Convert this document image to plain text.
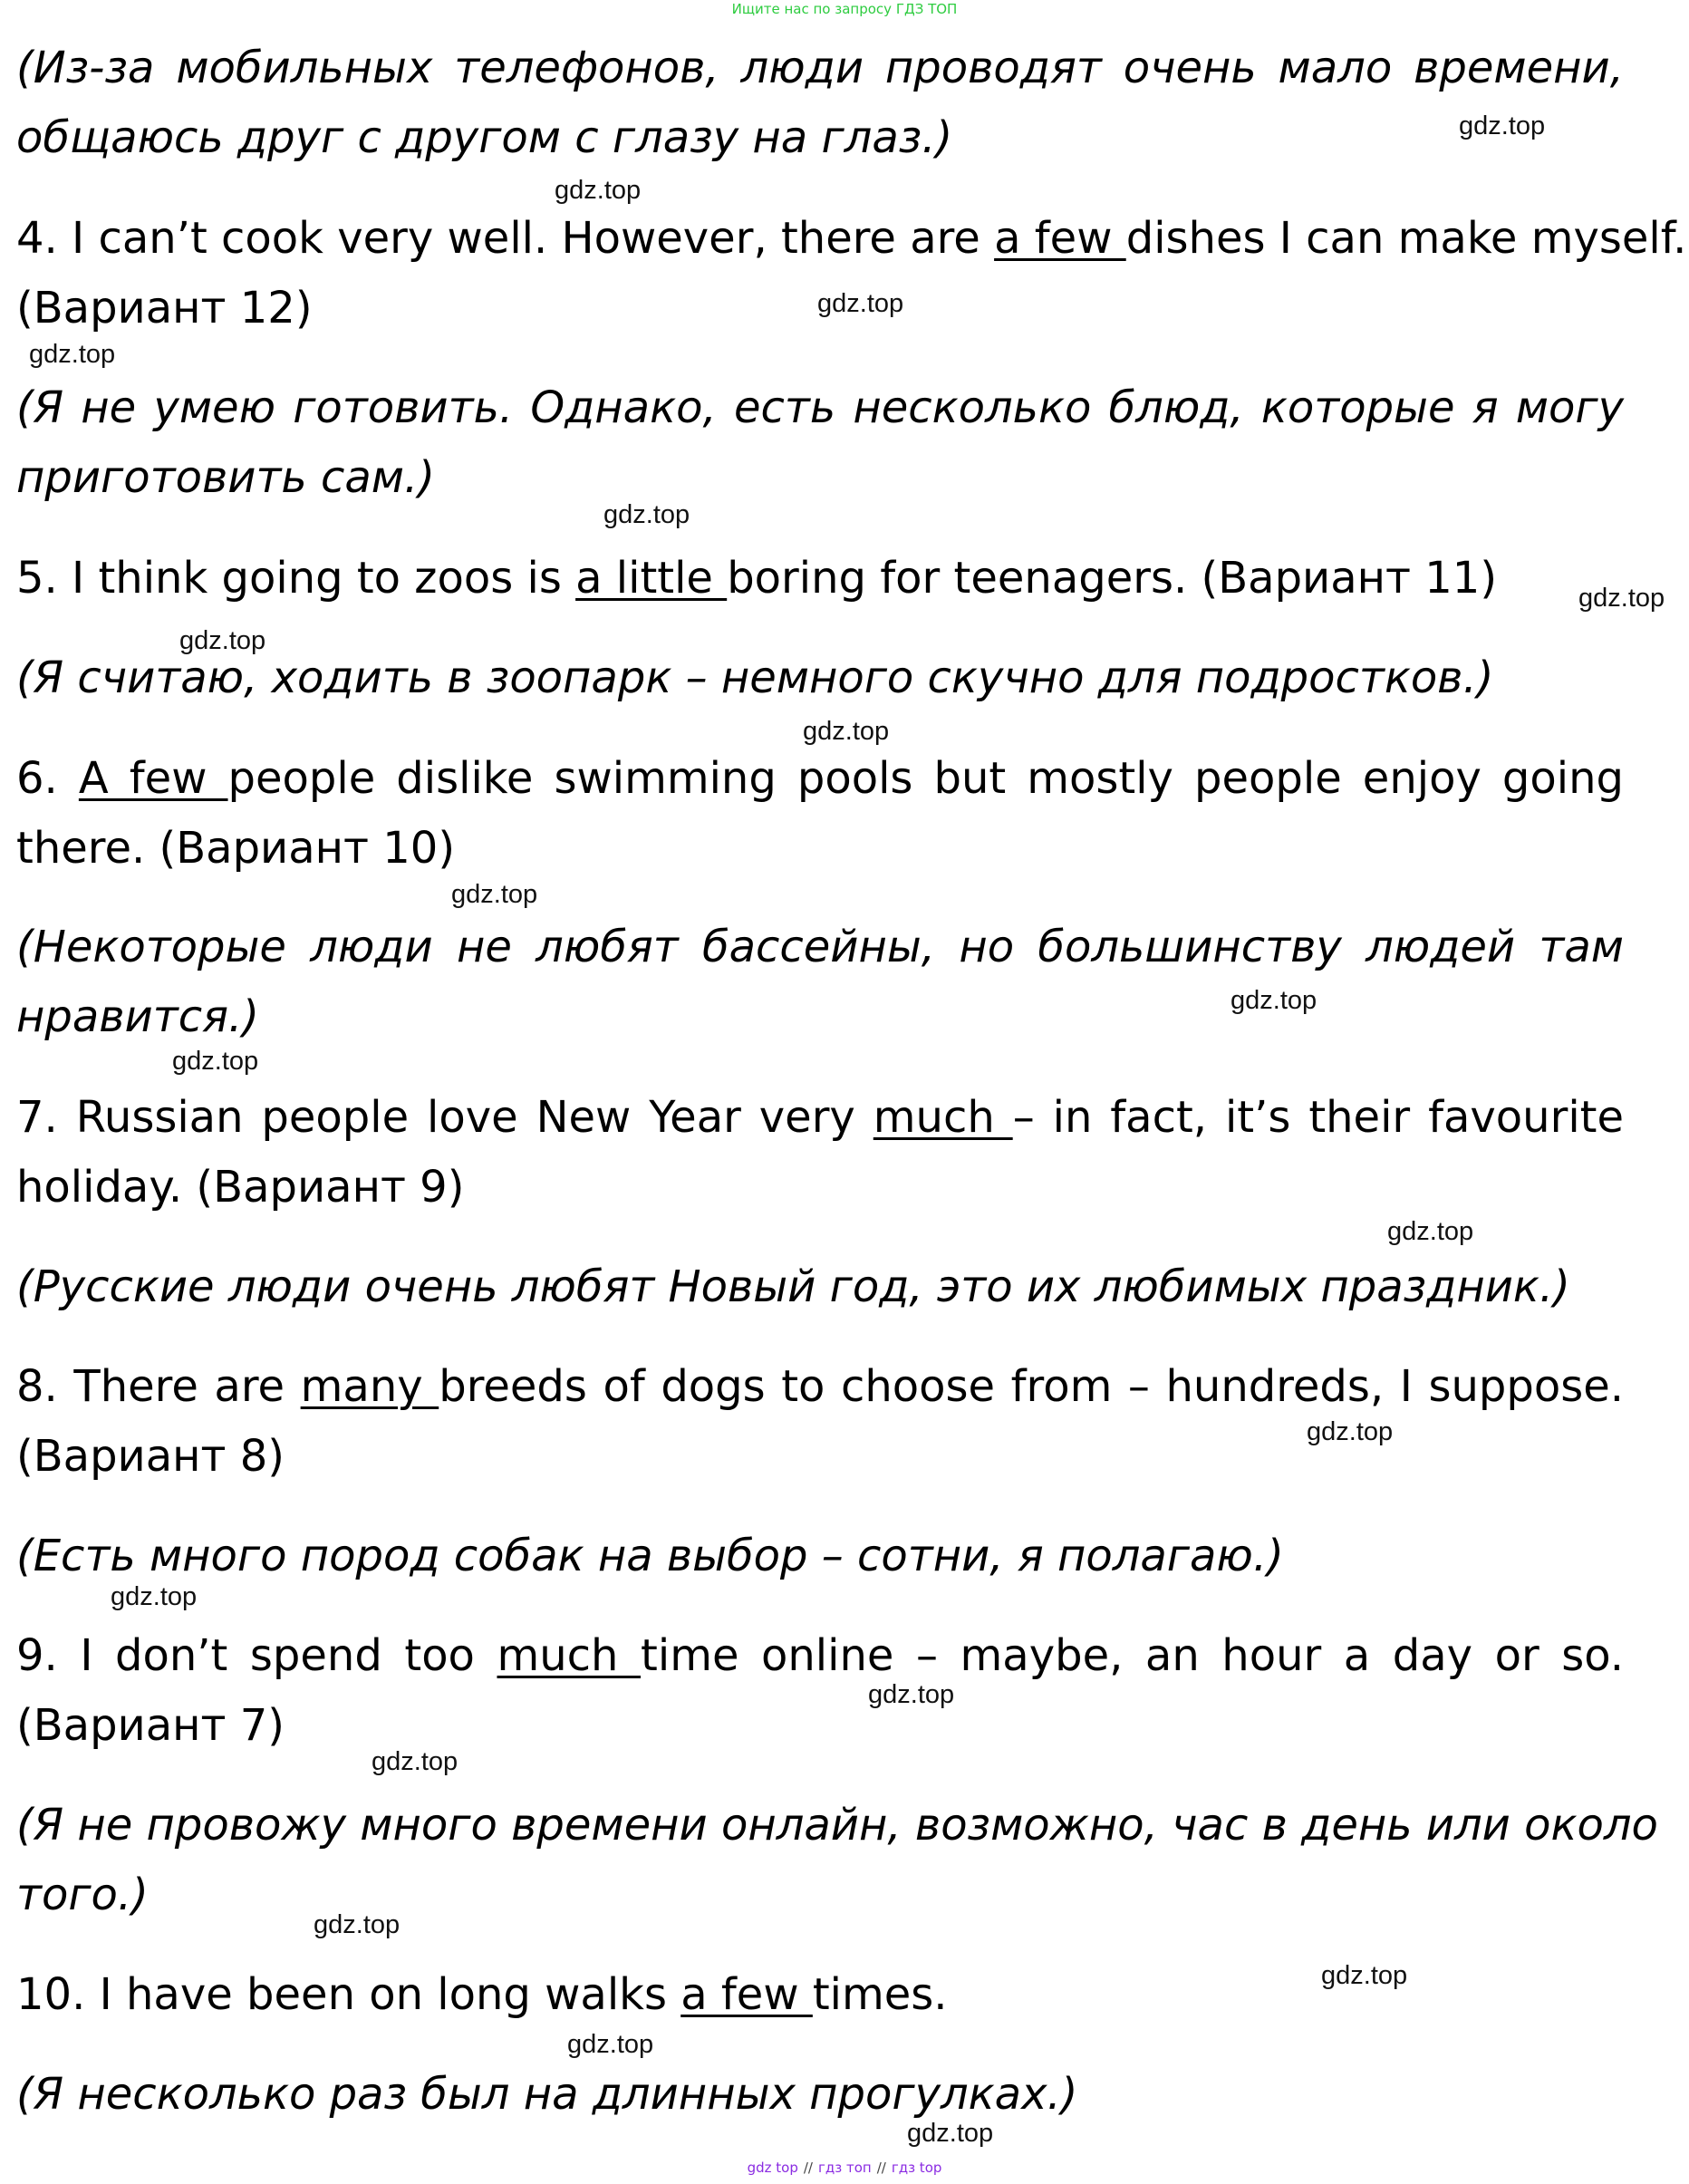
Ищите нас по запросу ГДЗ ТОП
(Из-за мобильных телефонов, люди проводят очень мало времени,
общаюсь друг с другом с глазу на глаз.)
4. I can’t cook very well. However, there are a few dishes I can make myself.
(Вариант 12)
(Я не умею готовить. Однако, есть несколько блюд, которые я могу
приготовить сам.)
5. I think going to zoos is a little boring for teenagers. (Вариант 11)
(Я считаю, ходить в зоопарк – немного скучно для подростков.)
6. A few people dislike swimming pools but mostly people enjoy going
there. (Вариант 10)
(Некоторые люди не любят бассейны, но большинству людей там
нравится.)
7. Russian people love New Year very much – in fact, it’s their favourite
holiday. (Вариант 9)
(Русские люди очень любят Новый год, это их любимых праздник.)
8. There are many breeds of dogs to choose from – hundreds, I suppose.
(Вариант 8)
(Есть много пород собак на выбор – сотни, я полагаю.)
9. I don’t spend too much time online – maybe, an hour a day or so.
(Вариант 7)
(Я не провожу много времени онлайн, возможно, час в день или около
того.)
10. I have been on long walks a few times.
(Я несколько раз был на длинных прогулках.)
gdz.top
gdz.top
gdz.top
gdz.top
gdz.top
gdz.top
gdz.top
gdz.top
gdz.top
gdz.top
gdz.top
gdz.top
gdz.top
gdz.top
gdz.top
gdz.top
gdz.top
gdz.top
gdz.top
gdz.top
gdz top // гдз топ // гдз top
